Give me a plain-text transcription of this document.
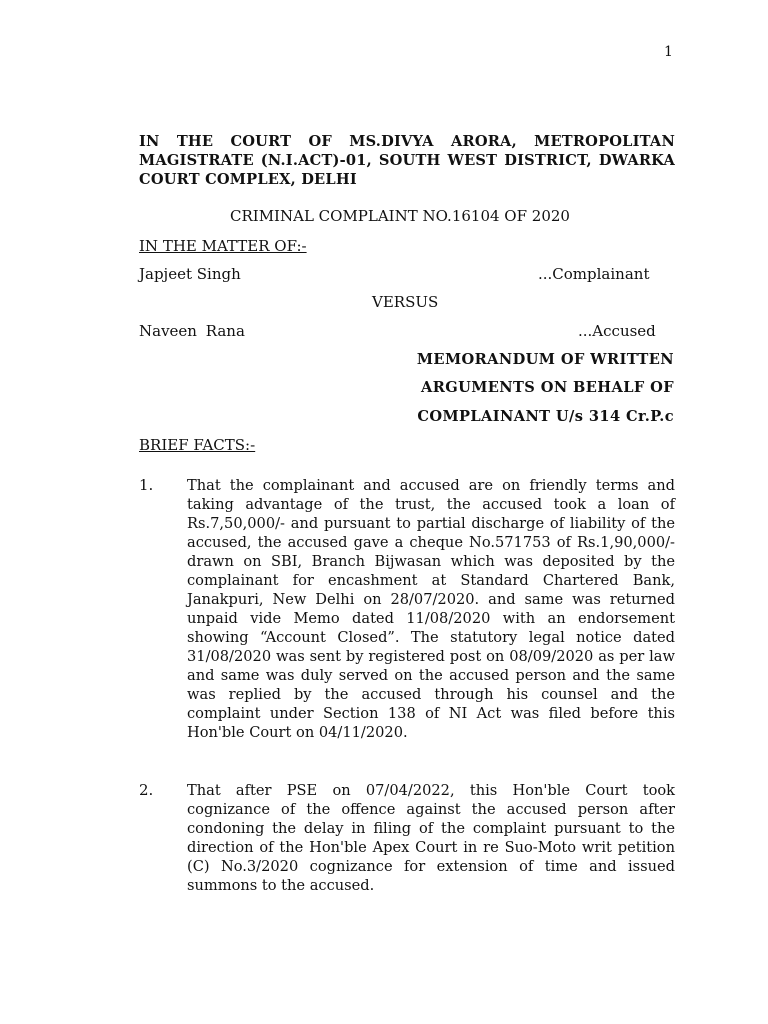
1
IN THE COURT OF MS.DIVYA ARORA, METROPOLITAN MAGISTRATE (N.I.ACT)-01, SOUTH WEST DISTRICT, DWARKA COURT COMPLEX, DELHI
CRIMINAL COMPLAINT NO.16104 OF 2020
IN THE MATTER OF:-
Japjeet Singh	...Complainant
VERSUS
Naveen Rana	...Accused
MEMORANDUM OF WRITTEN
ARGUMENTS ON BEHALF OF
COMPLAINANT U/s 314 Cr.P.c
BRIEF FACTS:-
1. That the complainant and accused are on friendly terms and taking advantage of the trust, the accused took a loan of Rs.7,50,000/- and pursuant to partial discharge of liability of the accused, the accused gave a cheque No.571753 of Rs.1,90,000/- drawn on SBI, Branch Bijwasan which was deposited by the complainant for encashment at Standard Chartered Bank, Janakpuri, New Delhi on 28/07/2020. and same was returned unpaid vide Memo dated 11/08/2020 with an endorsement showing “Account Closed”. The statutory legal notice dated 31/08/2020 was sent by registered post on 08/09/2020 as per law and same was duly served on the accused person and the same was replied by the accused through his counsel and the complaint under Section 138 of NI Act was filed before this Hon'ble Court on 04/11/2020.
2. That after PSE on 07/04/2022, this Hon'ble Court took cognizance of the offence against the accused person after condoning the delay in filing of the complaint pursuant to the direction of the Hon'ble Apex Court in re Suo-Moto writ petition (C) No.3/2020 cognizance for extension of time and issued summons to the accused.
